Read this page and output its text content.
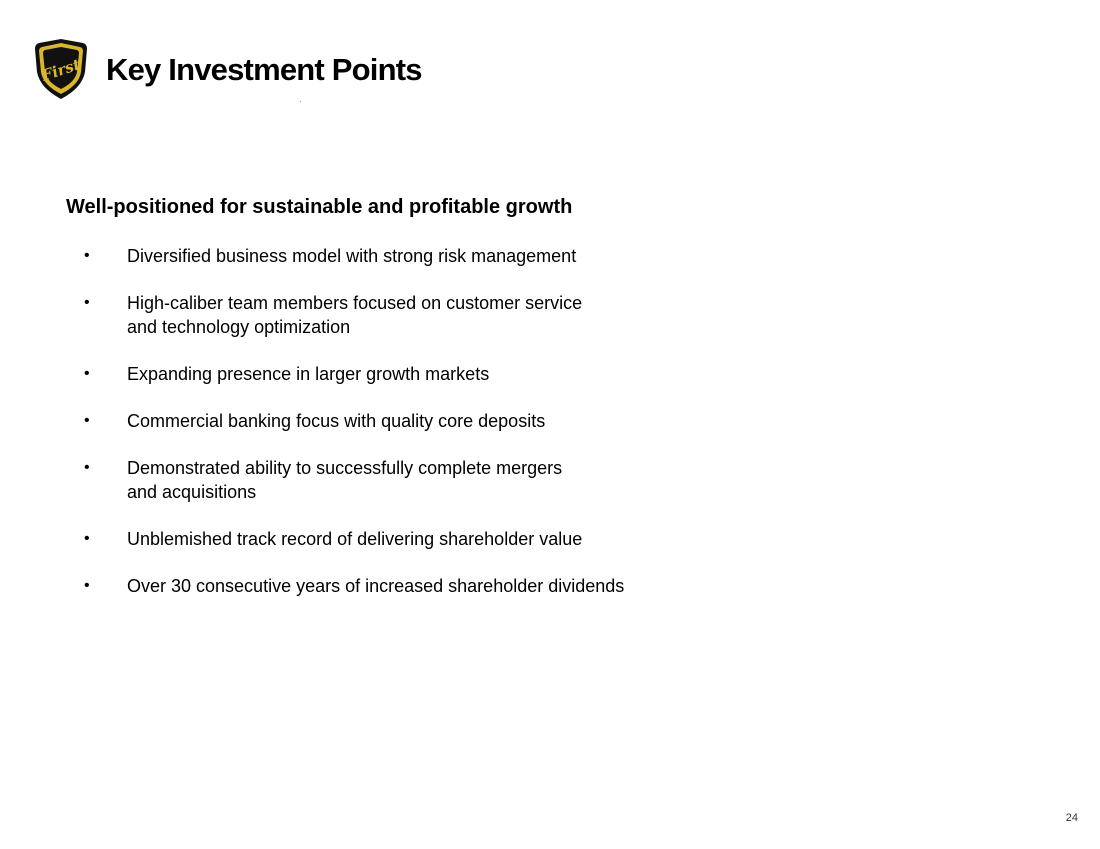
First Key Investment Points
Well-positioned for sustainable and profitable growth
•	Diversified business model with strong risk management
•	High-caliber team members focused on customer service
and technology optimization
•	Expanding presence in larger growth markets
•	Commercial banking focus with quality core deposits
•	Demonstrated ability to successfully complete mergers
and acquisitions
•	Unblemished track record of delivering shareholder value
•	Over 30 consecutive years of increased shareholder dividends
24
